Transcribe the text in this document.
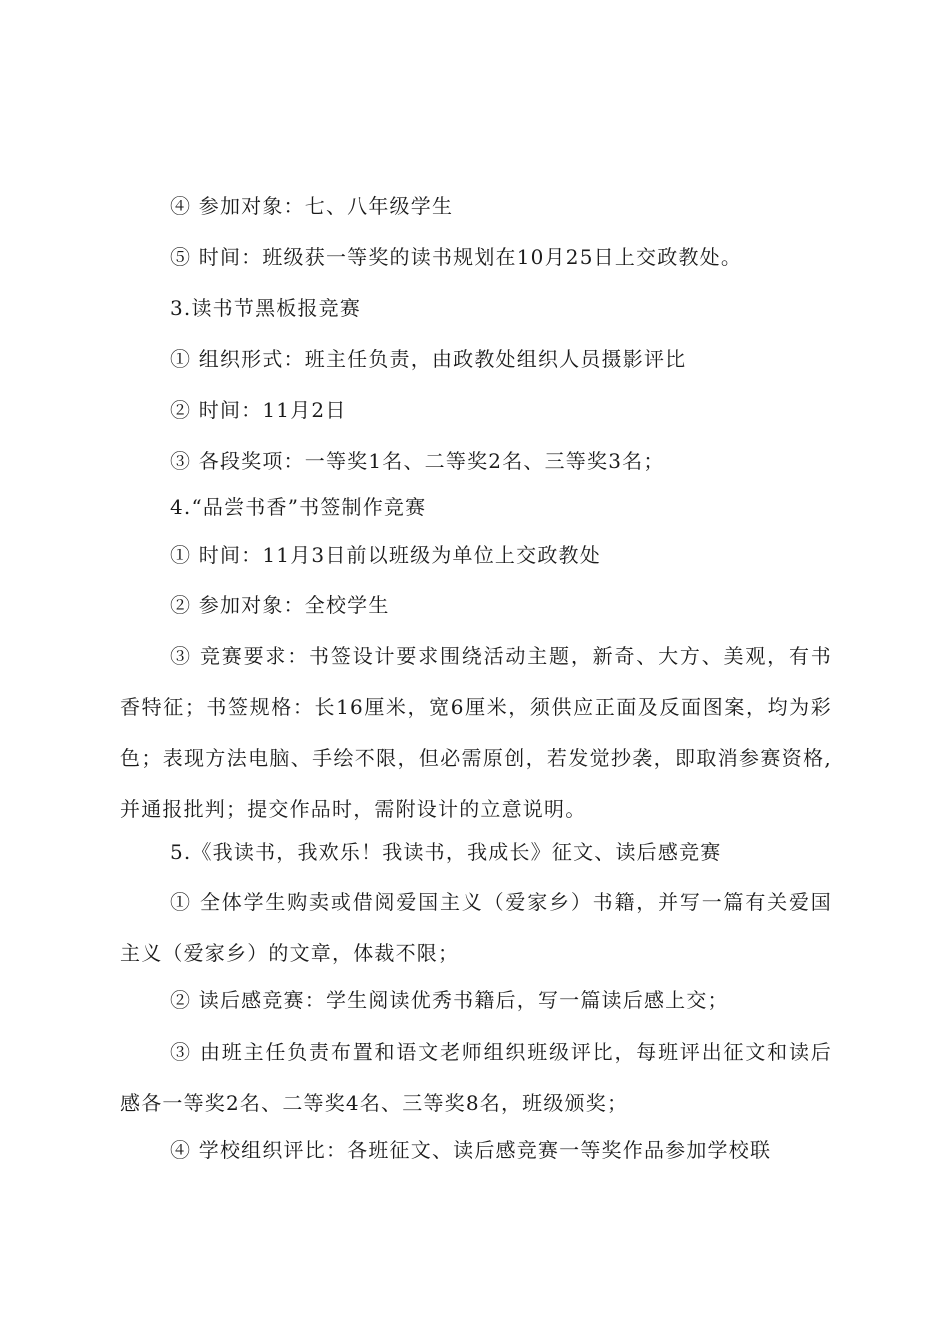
④ 参加对象：七、八年级学生

⑤ 时间：班级获一等奖的读书规划在10月25日上交政教处。

3.读书节黑板报竞赛

① 组织形式：班主任负责，由政教处组织人员摄影评比

② 时间：11月2日

③ 各段奖项：一等奖1名、二等奖2名、三等奖3名；

4.“品尝书香”书签制作竞赛

① 时间：11月3日前以班级为单位上交政教处

② 参加对象：全校学生

③ 竞赛要求：书签设计要求围绕活动主题，新奇、大方、美观，有书香特征；书签规格：长16厘米，宽6厘米，须供应正面及反面图案，均为彩色；表现方法电脑、手绘不限，但必需原创，若发觉抄袭，即取消参赛资格,并通报批判；提交作品时，需附设计的立意说明。

5.《我读书，我欢乐！我读书，我成长》征文、读后感竞赛

① 全体学生购卖或借阅爱国主义（爱家乡）书籍，并写一篇有关爱国主义（爱家乡）的文章，体裁不限；

② 读后感竞赛：学生阅读优秀书籍后，写一篇读后感上交；

③ 由班主任负责布置和语文老师组织班级评比，每班评出征文和读后感各一等奖2名、二等奖4名、三等奖8名，班级颁奖；

④ 学校组织评比：各班征文、读后感竞赛一等奖作品参加学校联
